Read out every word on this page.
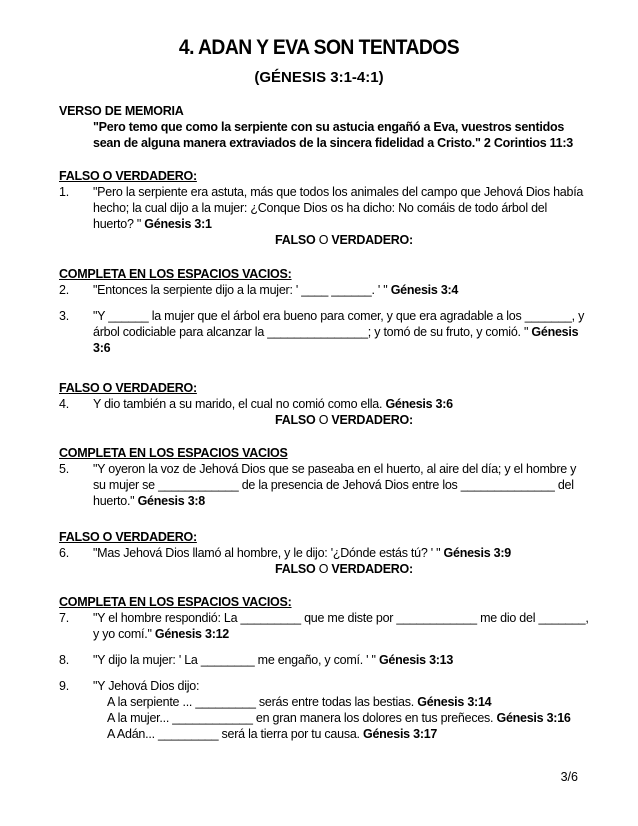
4. ADAN Y EVA SON TENTADOS
(GÉNESIS 3:1-4:1)
VERSO DE MEMORIA
"Pero temo que como la serpiente con su astucia engañó a Eva, vuestros sentidos sean de alguna manera extraviados de la sincera fidelidad a Cristo." 2 Corintios 11:3
FALSO O VERDADERO:
1.	"Pero la serpiente era astuta, más que todos los animales del campo que Jehová Dios había hecho; la cual dijo a la mujer: ¿Conque Dios os ha dicho: No comáis de todo árbol del huerto? " Génesis 3:1
FALSO O VERDADERO:
COMPLETA EN LOS ESPACIOS VACIOS:
2.	"Entonces la serpiente dijo a la mujer: ' ____ ______. ' " Génesis 3:4
3.	"Y ______ la mujer que el árbol era bueno para comer, y que era agradable a los _______, y árbol codiciable para alcanzar la _______________; y tomó de su fruto, y comió. " Génesis 3:6
FALSO O VERDADERO:
4.	Y dio también a su marido, el cual no comió como ella. Génesis 3:6
FALSO O VERDADERO:
COMPLETA EN LOS ESPACIOS VACIOS
5.	"Y oyeron la voz de Jehová Dios que se paseaba en el huerto, al aire del día; y el hombre y su mujer se ____________ de la presencia de Jehová Dios entre los ______________ del huerto." Génesis 3:8
FALSO O VERDADERO:
6.	"Mas Jehová Dios llamó al hombre, y le dijo: '¿Dónde estás tú? ' " Génesis 3:9
FALSO O VERDADERO:
COMPLETA EN LOS ESPACIOS VACIOS:
7.	"Y el hombre respondió: La _________ que me diste por ____________ me dio del _______, y yo comí." Génesis 3:12
8.	"Y dijo la mujer: ' La ________ me engaño, y comí. ' " Génesis 3:13
9.	"Y Jehová Dios dijo:
A la serpiente ... _________ serás entre todas las bestias. Génesis 3:14
A la mujer... ____________ en gran manera los dolores en tus preñeces. Génesis 3:16
A Adán... _________ será la tierra por tu causa. Génesis 3:17
3/6
